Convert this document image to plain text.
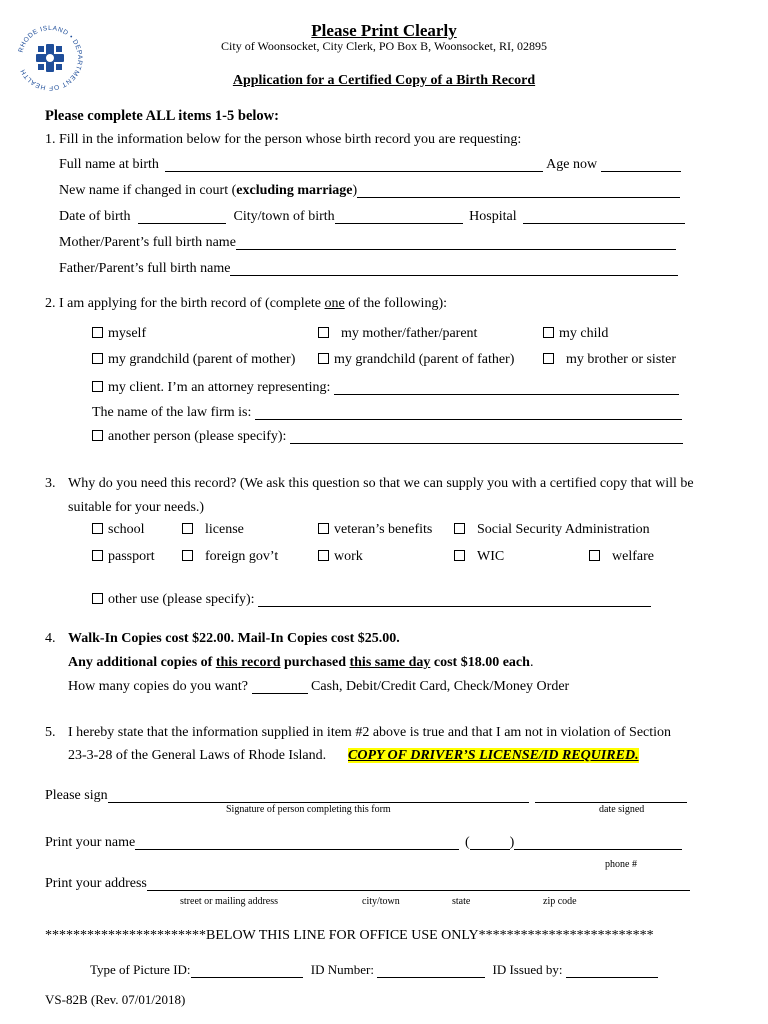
RHODE ISLAND • DEPARTMENT OF HEALTH
Please Print Clearly
City of Woonsocket, City Clerk, PO Box B, Woonsocket, RI, 02895
Application for a Certified Copy of a Birth Record
Please complete ALL items 1-5 below:
1. Fill in the information below for the person whose birth record you are requesting:
Full name at birth	Age now
New name if changed in court (excluding marriage)
Date of birth	City/town of birth	Hospital
Mother/Parent’s full birth name
Father/Parent’s full birth name
2. I am applying for the birth record of (complete one of the following):
myself	my mother/father/parent	my child
my grandchild (parent of mother)	my grandchild (parent of father)	my brother or sister
my client. I’m an attorney representing:
The name of the law firm is:
another person (please specify):
3. Why do you need this record? (We ask this question so that we can supply you with a certified copy that will be
suitable for your needs.)
school	license	veteran’s benefits	Social Security Administration
passport	foreign gov’t	work	WIC	welfare
other use (please specify):
4. Walk-In Copies cost $22.00. Mail-In Copies cost $25.00.
Any additional copies of this record purchased this same day cost $18.00 each.
How many copies do you want?	Cash, Debit/Credit Card, Check/Money Order
5. I hereby state that the information supplied in item #2 above is true and that I am not in violation of Section
23-3-28 of the General Laws of Rhode Island. COPY OF DRIVER’S LICENSE/ID REQUIRED.
Please sign
Signature of person completing this form	date signed
Print your name	(	)
phone #
Print your address
street or mailing address	city/town	state	zip code
***********************BELOW THIS LINE FOR OFFICE USE ONLY*************************
Type of Picture ID:	ID Number:	ID Issued by:
VS-82B (Rev. 07/01/2018)
